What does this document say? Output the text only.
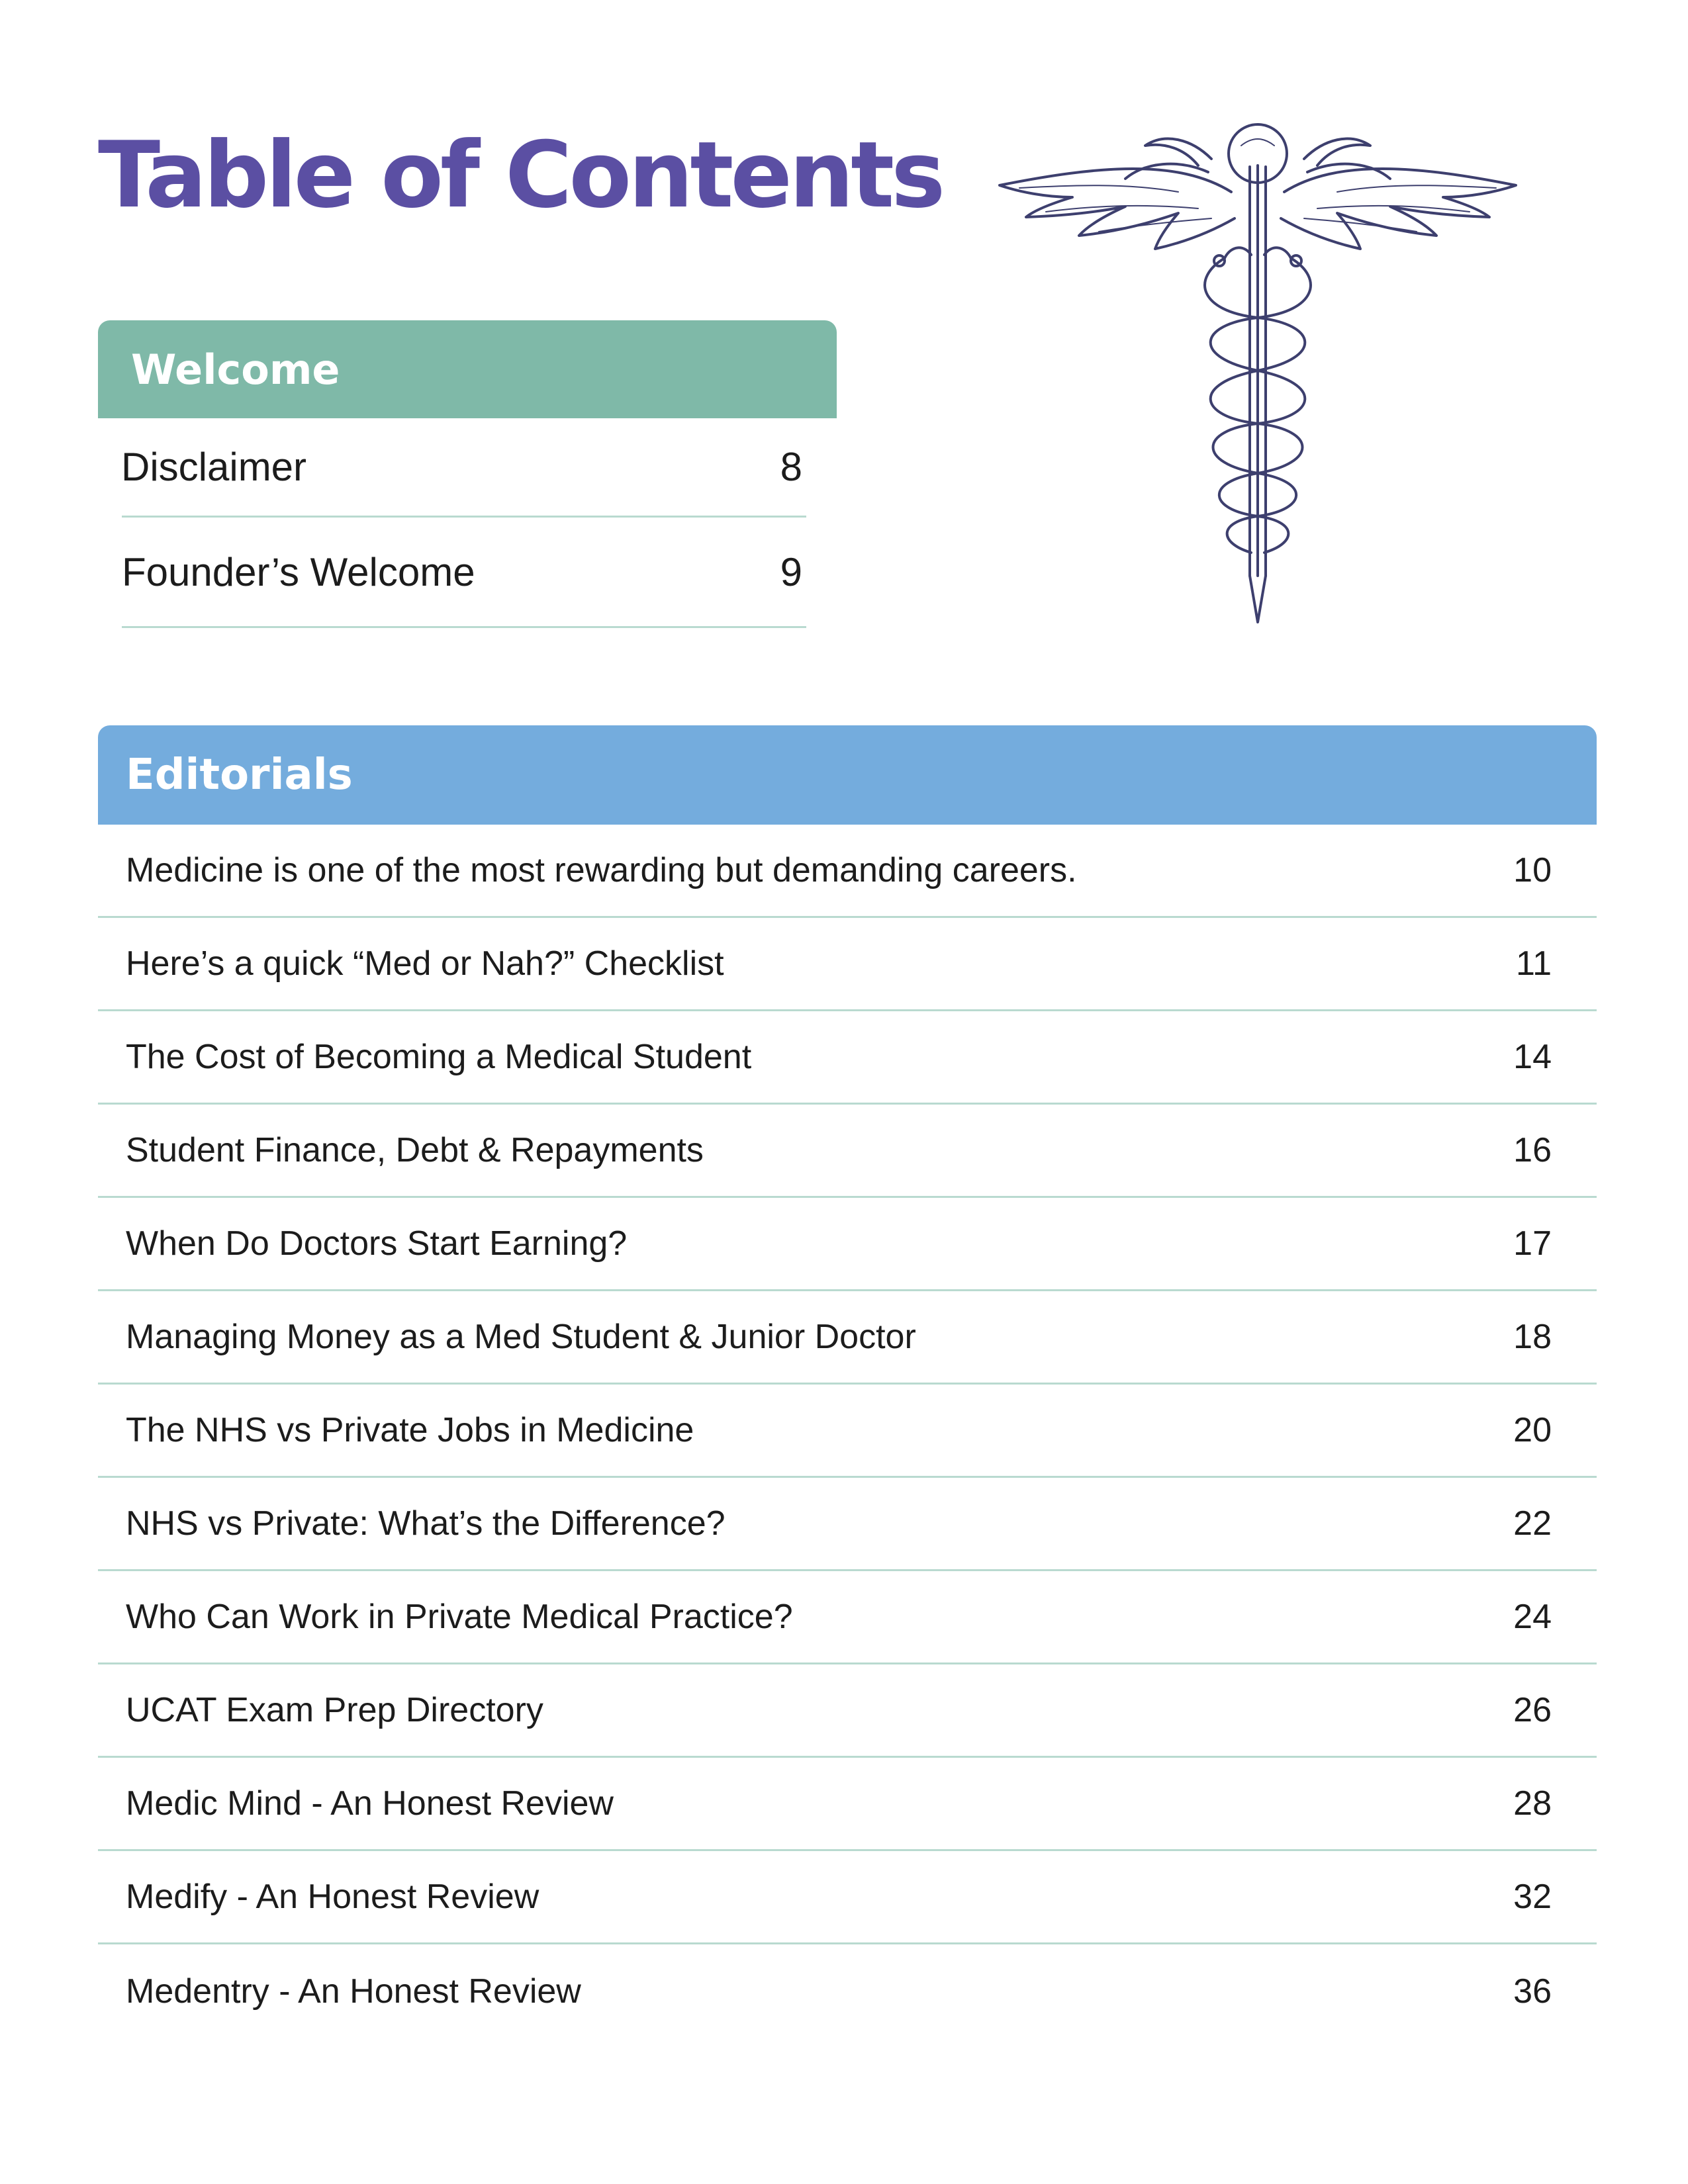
Table of Contents
Welcome
Disclaimer	8
Founder’s Welcome	9
Editorials
Medicine is one of the most rewarding but demanding careers.	10
Here’s a quick “Med or Nah?” Checklist	11
The Cost of Becoming a Medical Student	14
Student Finance, Debt & Repayments	16
When Do Doctors Start Earning?	17
Managing Money as a Med Student & Junior Doctor	18
The NHS vs Private Jobs in Medicine	20
NHS vs Private: What’s the Difference?	22
Who Can Work in Private Medical Practice?	24
UCAT Exam Prep Directory	26
Medic Mind - An Honest Review	28
Medify - An Honest Review	32
Medentry - An Honest Review	36
